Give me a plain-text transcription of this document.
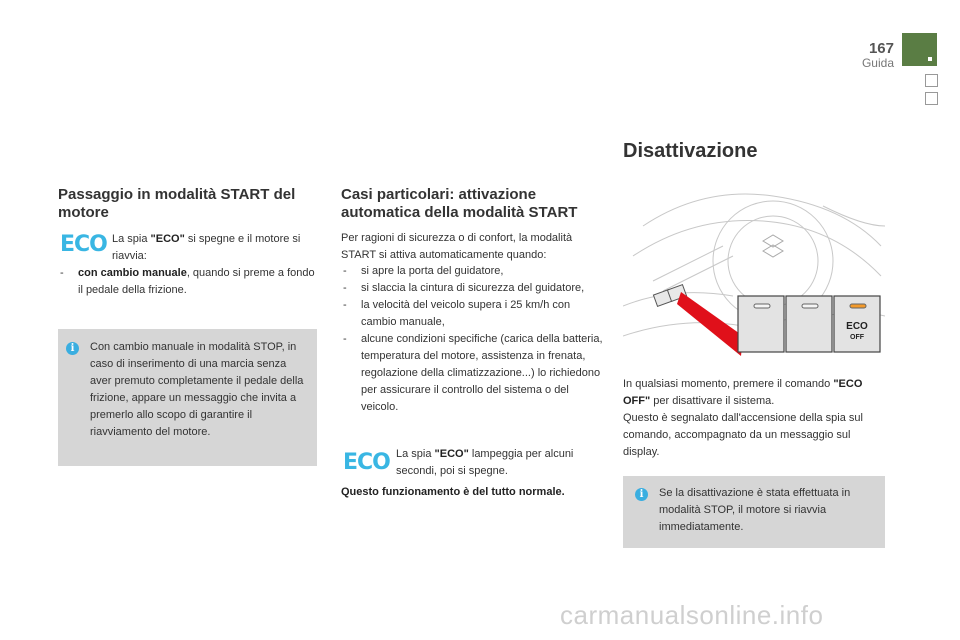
167
Guida
Passaggio in modalità START del motore
ECO La spia "ECO" si spegne e il motore si riavvia:
- con cambio manuale, quando si preme a fondo il pedale della frizione.
i	Con cambio manuale in modalità STOP, in caso di inserimento di una marcia senza aver premuto completamente il pedale della frizione, appare un messaggio che invita a premerlo allo scopo di garantire il riavviamento del motore.
Casi particolari: attivazione automatica della modalità START
Per ragioni di sicurezza o di confort, la modalità START si attiva automaticamente quando:
- si apre la porta del guidatore,
- si slaccia la cintura di sicurezza del guidatore,
- la velocità del veicolo supera i 25 km/h con cambio manuale,
- alcune condizioni specifiche (carica della batteria, temperatura del motore, assistenza in frenata, regolazione della climatizzazione...) lo richiedono per assicurare il controllo del sistema o del veicolo.
ECO La spia "ECO" lampeggia per alcuni secondi, poi si spegne.
Questo funzionamento è del tutto normale.
Disattivazione
ECO
OFF
In qualsiasi momento, premere il comando "ECO OFF" per disattivare il sistema.
Questo è segnalato dall'accensione della spia sul comando, accompagnato da un messaggio sul display.
i	Se la disattivazione è stata effettuata in modalità STOP, il motore si riavvia immediatamente.
carmanualsonline.info
